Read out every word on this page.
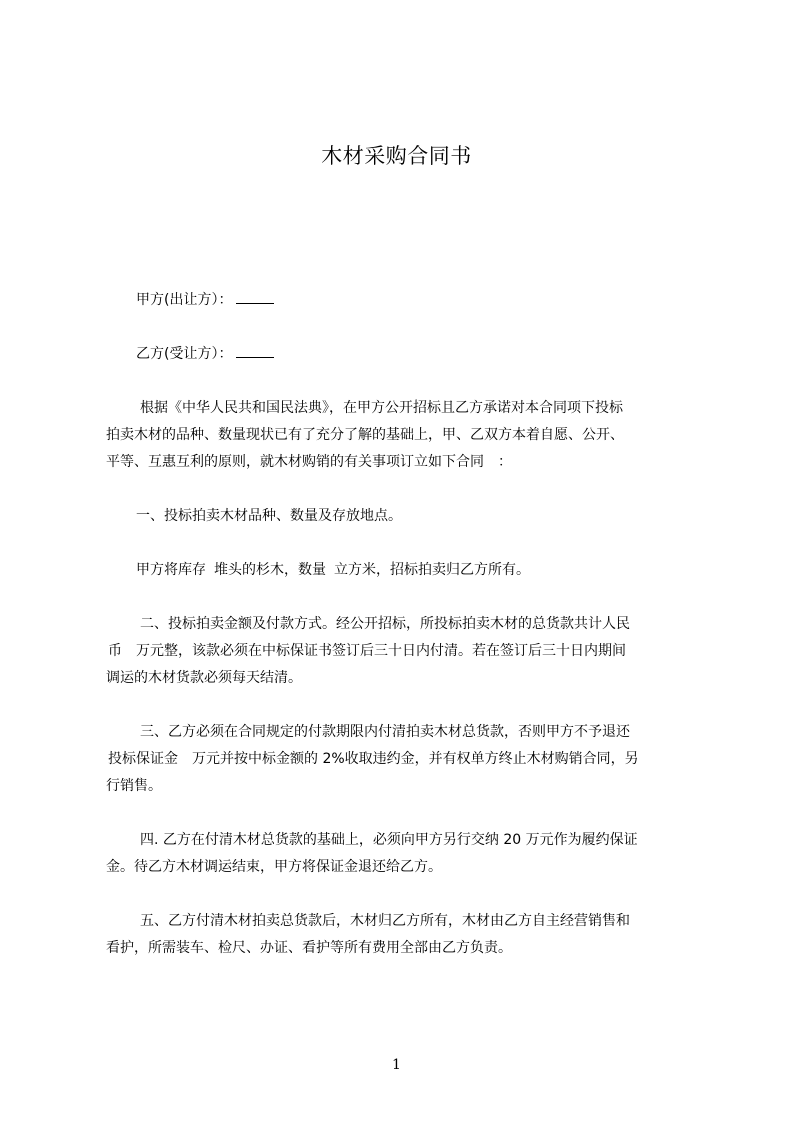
木材采购合同书
甲方(出让方）：
乙方(受让方）：
根据《中华人民共和国民法典》，在甲方公开招标且乙方承诺对本合同项下投标
拍卖木材的品种、数量现状已有了充分了解的基础上，甲、乙双方本着自愿、公开、
平等、互惠互利的原则，就木材购销的有关事项订立如下合同 ：
一、投标拍卖木材品种、数量及存放地点。
甲方将库存 堆头的杉木，数量 立方米，招标拍卖归乙方所有。
二、投标拍卖金额及付款方式。经公开招标，所投标拍卖木材的总货款共计人民
币 万元整，该款必须在中标保证书签订后三十日内付清。若在签订后三十日内期间
调运的木材货款必须每天结清。
三、乙方必须在合同规定的付款期限内付清拍卖木材总货款，否则甲方不予退还
投标保证金 万元并按中标金额的 2%收取违约金，并有权单方终止木材购销合同，另
行销售。
四. 乙方在付清木材总货款的基础上，必须向甲方另行交纳 20 万元作为履约保证
金。待乙方木材调运结束，甲方将保证金退还给乙方。
五、乙方付清木材拍卖总货款后，木材归乙方所有，木材由乙方自主经营销售和
看护，所需装车、检尺、办证、看护等所有费用全部由乙方负责。
1
